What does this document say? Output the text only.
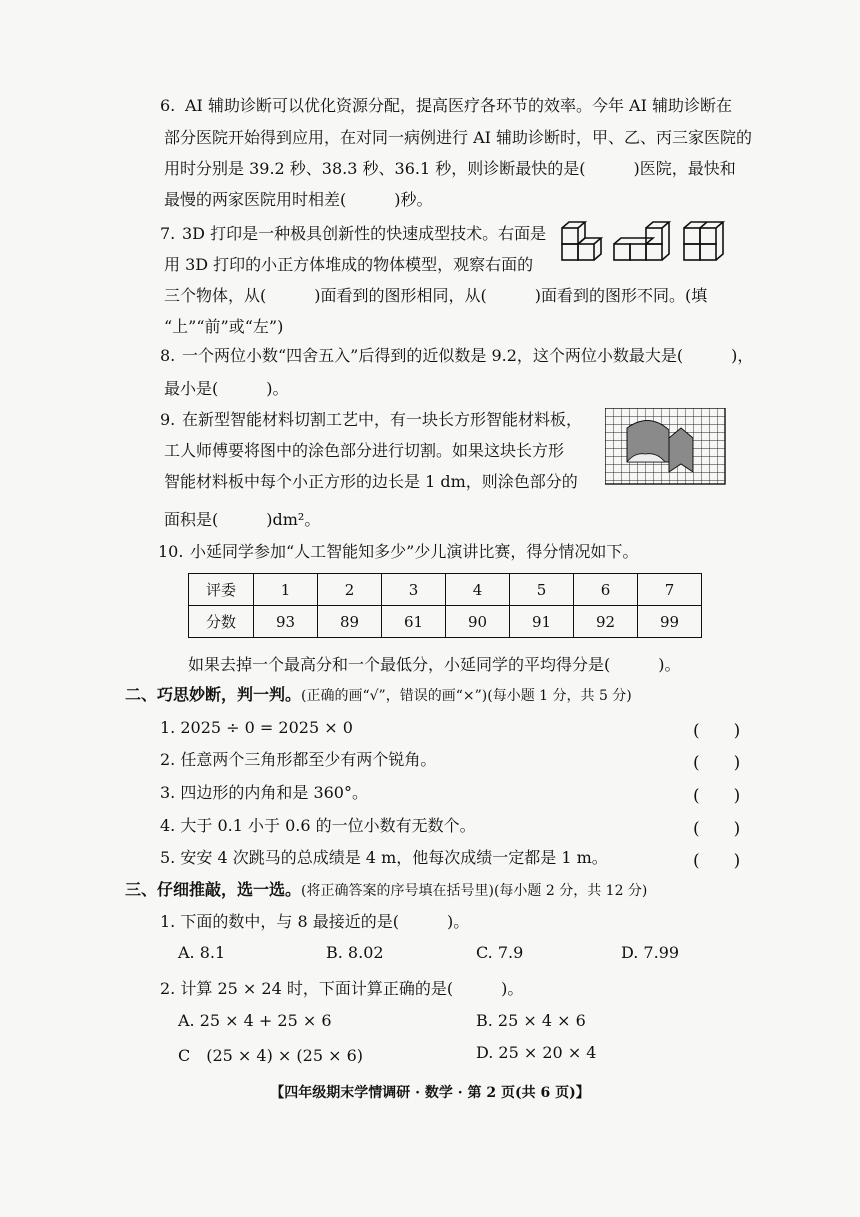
6. AI 辅助诊断可以优化资源分配，提高医疗各环节的效率。今年 AI 辅助诊断在
部分医院开始得到应用，在对同一病例进行 AI 辅助诊断时，甲、乙、丙三家医院的
用时分别是 39.2 秒、38.3 秒、36.1 秒，则诊断最快的是(　　　)医院，最快和
最慢的两家医院用时相差(　　　)秒。
7. 3D 打印是一种极具创新性的快速成型技术。右面是
用 3D 打印的小正方体堆成的物体模型，观察右面的
三个物体，从(　　　)面看到的图形相同，从(　　　)面看到的图形不同。(填
“上”“前”或“左”)
8. 一个两位小数“四舍五入”后得到的近似数是 9.2，这个两位小数最大是(　　　)，
最小是(　　　)。
9. 在新型智能材料切割工艺中，有一块长方形智能材料板，
工人师傅要将图中的涂色部分进行切割。如果这块长方形
智能材料板中每个小正方形的边长是 1 dm，则涂色部分的
面积是(　　　)dm²。
10. 小延同学参加“人工智能知多少”少儿演讲比赛，得分情况如下。
评委	1	2	3	4	5	6	7
分数	93	89	61	90	91	92	99
如果去掉一个最高分和一个最低分，小延同学的平均得分是(　　　)。
二、巧思妙断，判一判。(正确的画“√”，错误的画“×”)(每小题 1 分，共 5 分)
1. 2025 ÷ 0 = 2025 × 0	(　　)
2. 任意两个三角形都至少有两个锐角。	(　　)
3. 四边形的内角和是 360°。	(　　)
4. 大于 0.1 小于 0.6 的一位小数有无数个。	(　　)
5. 安安 4 次跳马的总成绩是 4 m，他每次成绩一定都是 1 m。	(　　)
三、仔细推敲，选一选。(将正确答案的序号填在括号里)(每小题 2 分，共 12 分)
1. 下面的数中，与 8 最接近的是(　　　)。
A. 8.1	B. 8.02	C. 7.9	D. 7.99
2. 计算 25 × 24 时，下面计算正确的是(　　　)。
A. 25 × 4 + 25 × 6	B. 25 × 4 × 6
C　(25 × 4) × (25 × 6)	D. 25 × 20 × 4
【四年级期末学情调研 · 数学 · 第 2 页(共 6 页)】
